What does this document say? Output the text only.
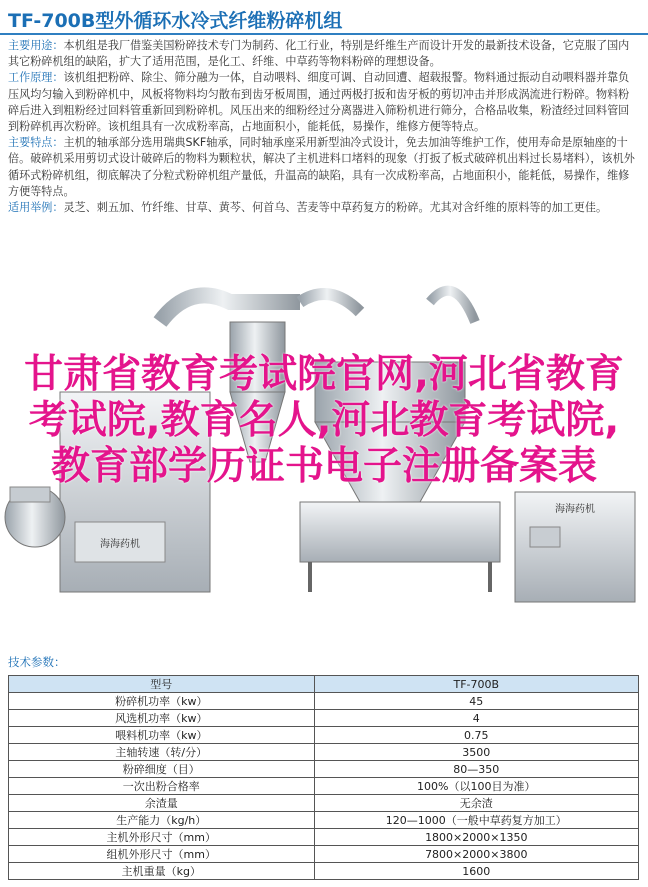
TF-700B型外循环水冷式纤维粉碎机组

主要用途：本机组是我厂借鉴美国粉碎技术专门为制药、化工行业，特别是纤维生产而设计开发的最新技术设备，它克服了国内其它粉碎机组的缺陷，扩大了适用范围，是化工、纤维、中草药等物料粉碎的理想设备。

工作原理：该机组把粉碎、除尘、筛分融为一体，自动喂料、细度可调、自动回遭、超载报警。物料通过振动自动喂料器并靠负压风均匀输入到粉碎机中，风板将物料均匀散布到齿牙板周围，通过两极打扳和齿牙板的剪切冲击并形成涡流进行粉碎。物料粉碎后进入到粗粉经过回料管重新回到粉碎机。风压出来的细粉经过分离器进入筛粉机进行筛分，合格品收集，粉渣经过回料管回到粉碎机再次粉碎。该机组具有一次成粉率高，占地面积小，能耗低，易操作，维修方便等特点。

主要特点：主机的轴承部分选用瑞典SKF轴承，同时轴承座采用新型油冷式设计，免去加油等维护工作，使用寿命是原轴座的十倍。破碎机采用剪切式设计破碎后的物料为颗粒状，解决了主机进料口堵料的现象（打扳了板式破碎机出料过长易堵料），该机外循环式粉碎机组，彻底解决了分粒式粉碎机组产量低，升温高的缺陷，具有一次成粉率高，占地面积小，能耗低，易操作，维修方便等特点。

适用举例：灵芝、刺五加、竹纤维、甘草、黄芩、何首乌、苦麦等中草药复方的粉碎。尤其对含纤维的原料等的加工更佳。

海海药机
海海药机
甘肃省教育考试院官网,河北省教育考试院,教育名人,河北教育考试院,教育部学历证书电子注册备案表
技术参数：
型号	TF-700B
粉碎机功率（kw）	45
风选机功率（kw）	4
喂料机功率（kw）	0.75
主轴转速（转/分）	3500
粉碎细度（目）	80—350
一次出粉合格率	100%（以100目为准）
余渣量	无余渣
生产能力（kg/h）	120—1000（一般中草药复方加工）
主机外形尺寸（mm）	1800×2000×1350
组机外形尺寸（mm）	7800×2000×3800
主机重量（kg）	1600
